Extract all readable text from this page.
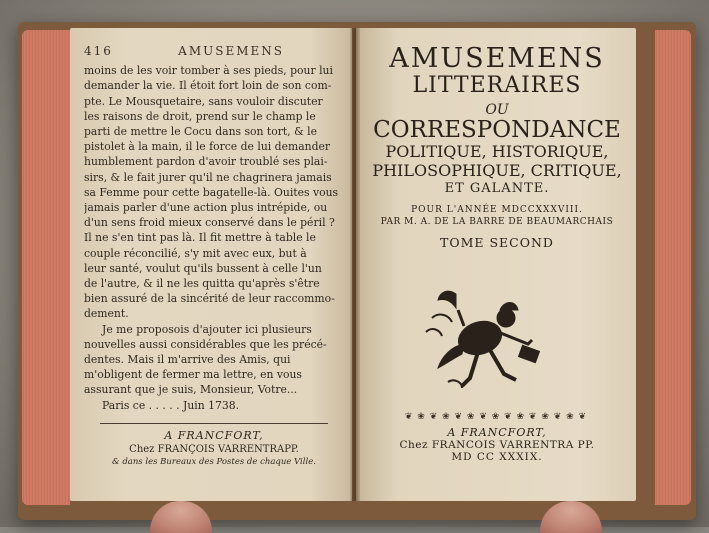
416	AMUSEMENS
moins de les voir tomber à ses pieds, pour lui
demander la vie. Il étoit fort loin de son com-
pte. Le Mousquetaire, sans vouloir discuter
les raisons de droit, prend sur le champ le
parti de mettre le Cocu dans son tort, & le
pistolet à la main, il le force de lui demander
humblement pardon d'avoir troublé ses plai-
sirs, & le fait jurer qu'il ne chagrinera jamais
sa Femme pour cette bagatelle-là. Ouites vous
jamais parler d'une action plus intrépide, ou
d'un sens froid mieux conservé dans le péril ?
Il ne s'en tint pas là. Il fit mettre à table le
couple réconcilié, s'y mit avec eux, but à
leur santé, voulut qu'ils bussent à celle l'un
de l'autre, & il ne les quitta qu'après s'être
bien assuré de la sincérité de leur raccommo-
dement.
Je me proposois d'ajouter ici plusieurs
nouvelles aussi considérables que les précé-
dentes. Mais il m'arrive des Amis, qui
m'obligent de fermer ma lettre, en vous
assurant que je suis, Monsieur, Votre...
Paris ce . . . . . Juin 1738.
A FRANCFORT,
Chez FRANÇOIS VARRENTRAPP.
& dans les Bureaux des Postes de chaque Ville.
AMUSEMENS
LITTERAIRES
OU
CORRESPONDANCE
POLITIQUE, HISTORIQUE,
PHILOSOPHIQUE, CRITIQUE,
ET GALANTE.
POUR L'ANNÉE MDCCXXXVIII.
PAR M. A. DE LA BARRE DE BEAUMARCHAIS
TOME SECOND
❦ ❀ ❦ ❀ ❦ ❀ ❦ ❀ ❦ ❀ ❦ ❀ ❦ ❀ ❦
A FRANCFORT,
Chez FRANCOIS VARRENTRA PP.
MD CC XXXIX.
